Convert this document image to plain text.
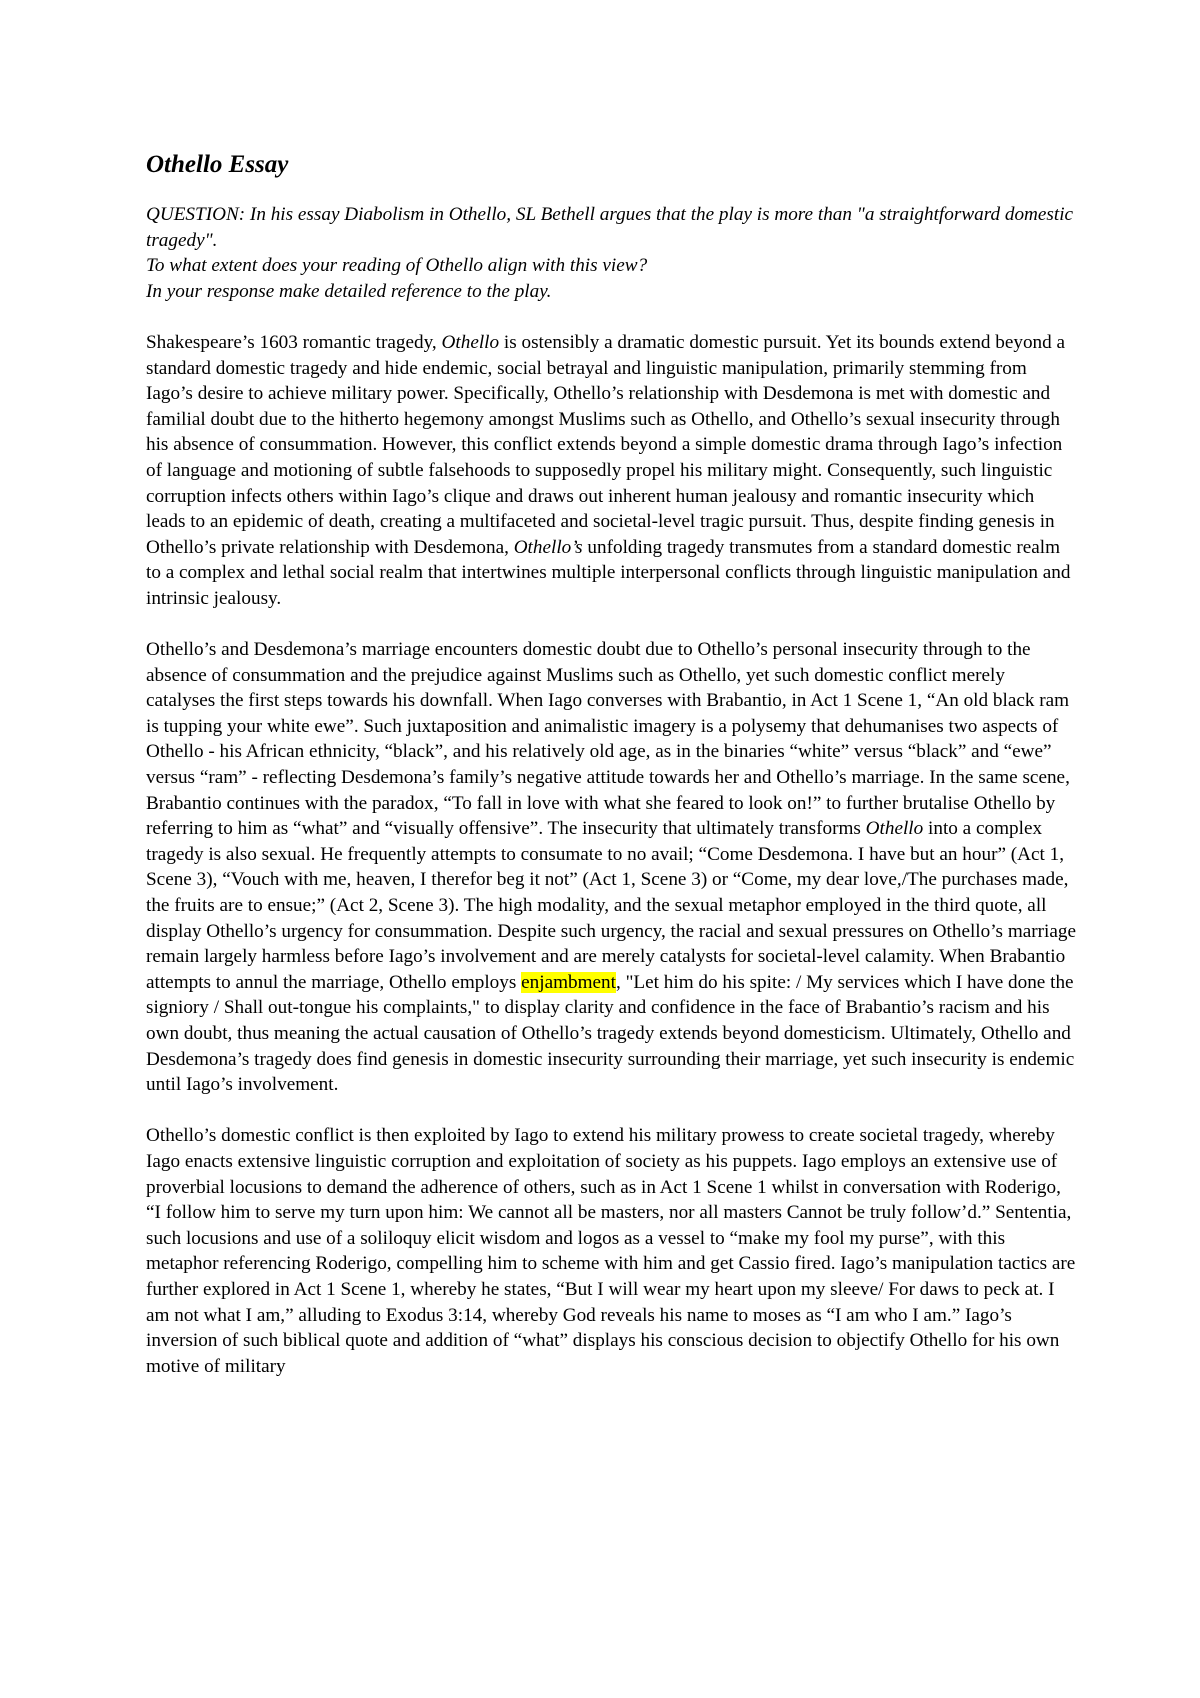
Othello Essay
QUESTION: In his essay Diabolism in Othello, SL Bethell argues that the play is more than "a straightforward domestic tragedy".
To what extent does your reading of Othello align with this view?
In your response make detailed reference to the play.

Shakespeare’s 1603 romantic tragedy, Othello is ostensibly a dramatic domestic pursuit. Yet its bounds extend beyond a standard domestic tragedy and hide endemic, social betrayal and linguistic manipulation, primarily stemming from Iago’s desire to achieve military power. Specifically, Othello’s relationship with Desdemona is met with domestic and familial doubt due to the hitherto hegemony amongst Muslims such as Othello, and Othello’s sexual insecurity through his absence of consummation. However, this conflict extends beyond a simple domestic drama through Iago’s infection of language and motioning of subtle falsehoods to supposedly propel his military might. Consequently, such linguistic corruption infects others within Iago’s clique and draws out inherent human jealousy and romantic insecurity which leads to an epidemic of death, creating a multifaceted and societal-level tragic pursuit. Thus, despite finding genesis in Othello’s private relationship with Desdemona, Othello’s unfolding tragedy transmutes from a standard domestic realm to a complex and lethal social realm that intertwines multiple interpersonal conflicts through linguistic manipulation and intrinsic jealousy.

Othello’s and Desdemona’s marriage encounters domestic doubt due to Othello’s personal insecurity through to the absence of consummation and the prejudice against Muslims such as Othello, yet such domestic conflict merely catalyses the first steps towards his downfall. When Iago converses with Brabantio, in Act 1 Scene 1, “An old black ram is tupping your white ewe”. Such juxtaposition and animalistic imagery is a polysemy that dehumanises two aspects of Othello - his African ethnicity, “black”, and his relatively old age, as in the binaries “white” versus “black” and “ewe” versus “ram” - reflecting Desdemona’s family’s negative attitude towards her and Othello’s marriage. In the same scene, Brabantio continues with the paradox, “To fall in love with what she feared to look on!” to further brutalise Othello by referring to him as “what” and “visually offensive”. The insecurity that ultimately transforms Othello into a complex tragedy is also sexual. He frequently attempts to consumate to no avail; “Come Desdemona. I have but an hour” (Act 1, Scene 3), “Vouch with me, heaven, I therefor beg it not” (Act 1, Scene 3) or “Come, my dear love,/The purchases made, the fruits are to ensue;” (Act 2, Scene 3). The high modality, and the sexual metaphor employed in the third quote, all display Othello’s urgency for consummation. Despite such urgency, the racial and sexual pressures on Othello’s marriage remain largely harmless before Iago’s involvement and are merely catalysts for societal-level calamity. When Brabantio attempts to annul the marriage, Othello employs enjambment, "Let him do his spite: / My services which I have done the signiory / Shall out-tongue his complaints," to display clarity and confidence in the face of Brabantio’s racism and his own doubt, thus meaning the actual causation of Othello’s tragedy extends beyond domesticism. Ultimately, Othello and Desdemona’s tragedy does find genesis in domestic insecurity surrounding their marriage, yet such insecurity is endemic until Iago’s involvement.

Othello’s domestic conflict is then exploited by Iago to extend his military prowess to create societal tragedy, whereby Iago enacts extensive linguistic corruption and exploitation of society as his puppets. Iago employs an extensive use of proverbial locusions to demand the adherence of others, such as in Act 1 Scene 1 whilst in conversation with Roderigo, “I follow him to serve my turn upon him: We cannot all be masters, nor all masters Cannot be truly follow’d.” Sententia, such locusions and use of a soliloquy elicit wisdom and logos as a vessel to “make my fool my purse”, with this metaphor referencing Roderigo, compelling him to scheme with him and get Cassio fired. Iago’s manipulation tactics are further explored in Act 1 Scene 1, whereby he states, “But I will wear my heart upon my sleeve/ For daws to peck at. I am not what I am,” alluding to Exodus 3:14, whereby God reveals his name to moses as “I am who I am.” Iago’s inversion of such biblical quote and addition of “what” displays his conscious decision to objectify Othello for his own motive of military
